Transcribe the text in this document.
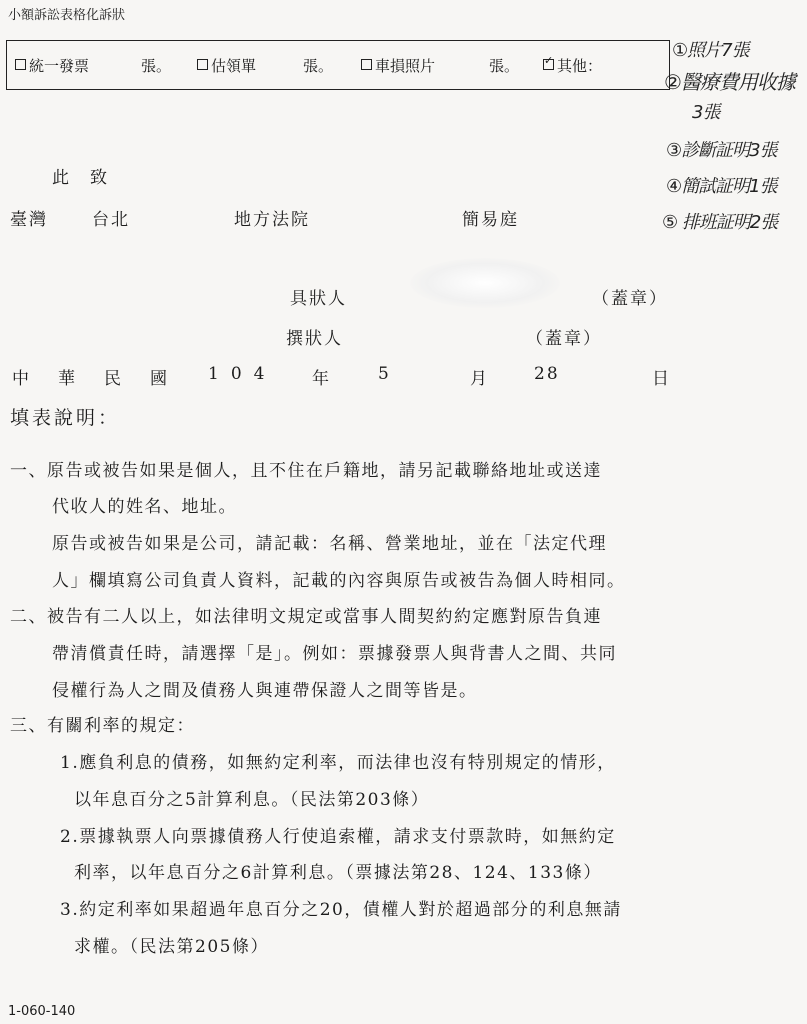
小額訴訟表格化訴狀
統一發票	張。	估領單	張。	車損照片	張。
✓	其他：
①照片7張
②醫療費用收據
3張
③診斷証明3張
④簡試証明1張
⑤ 排班証明2張
此　致
臺灣	台北	地方法院	簡易庭
具狀人	（蓋章）
撰狀人	（蓋章）
中　華　民　國 104 年	5	月 28	日
填表說明：
一、原告或被告如果是個人，且不住在戶籍地，請另記載聯絡地址或送達
代收人的姓名、地址。
原告或被告如果是公司，請記載：名稱、營業地址，並在「法定代理
人」欄填寫公司負責人資料，記載的內容與原告或被告為個人時相同。
二、被告有二人以上，如法律明文規定或當事人間契約約定應對原告負連
帶清償責任時，請選擇「是」。例如：票據發票人與背書人之間、共同
侵權行為人之間及債務人與連帶保證人之間等皆是。
三、有關利率的規定：
1.應負利息的債務，如無約定利率，而法律也沒有特別規定的情形，
以年息百分之5計算利息。（民法第203條）
2.票據執票人向票據債務人行使追索權，請求支付票款時，如無約定
利率，以年息百分之6計算利息。（票據法第28、124、133條）
3.約定利率如果超過年息百分之20，債權人對於超過部分的利息無請
求權。（民法第205條）
1-060-140
